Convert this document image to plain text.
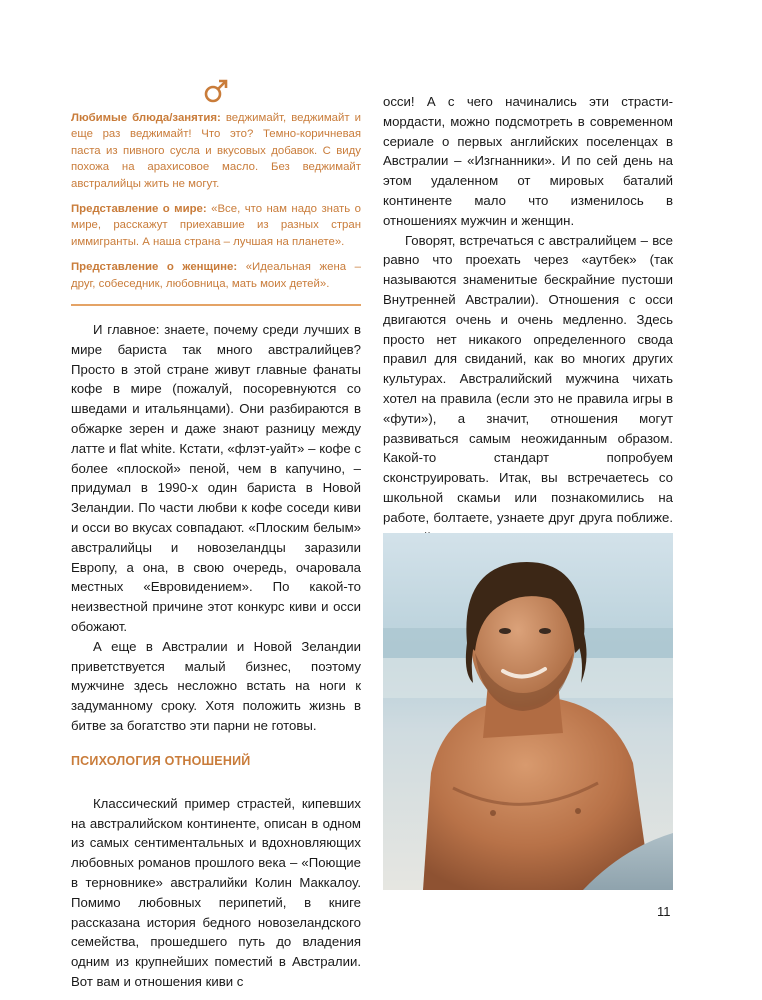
Любимые блюда/занятия: веджимайт, веджимайт и еще раз веджимайт! Что это? Темно-коричневая паста из пивного сусла и вкусовых добавок. С виду похожа на арахисовое масло. Без веджимайт австралийцы жить не могут.

Представление о мире: «Все, что нам надо знать о мире, расскажут приехавшие из разных стран иммигранты. А наша страна – лучшая на планете».

Представление о женщине: «Идеальная жена – друг, собеседник, любовница, мать моих детей».

И главное: знаете, почему среди лучших в мире бариста так много австралийцев? Просто в этой стране живут главные фанаты кофе в мире (пожалуй, посоревнуются со шведами и итальянцами). Они разбираются в обжарке зерен и даже знают разницу между латте и flat white. Кстати, «флэт-уайт» – кофе с более «плоской» пеной, чем в капучино, – придумал в 1990-х один бариста в Новой Зеландии. По части любви к кофе соседи киви и осси во вкусах совпадают. «Плоским белым» австралийцы и новозеландцы заразили Европу, а она, в свою очередь, очаровала местных «Евровидением». По какой-то неизвестной причине этот конкурс киви и осси обожают.

А еще в Австралии и Новой Зеландии приветствуется малый бизнес, поэтому мужчине здесь несложно встать на ноги к задуманному сроку. Хотя положить жизнь в битве за богатство эти парни не готовы.

ПСИХОЛОГИЯ ОТНОШЕНИЙ

Классический пример страстей, кипевших на австралийском континенте, описан в одном из самых сентиментальных и вдохновляющих любовных романов прошлого века – «Поющие в терновнике» австралийки Колин Маккалоу. Помимо любовных перипетий, в книге рассказана история бедного новозеландского семейства, прошедшего путь до владения одним из крупнейших поместий в Австралии. Вот вам и отношения киви с

осси! А с чего начинались эти страсти-мордасти, можно подсмотреть в современном сериале о первых английских поселенцах в Австралии – «Изгнанники». И по сей день на этом удаленном от мировых баталий континенте мало что изменилось в отношениях мужчин и женщин.

Говорят, встречаться с австралийцем – все равно что проехать через «аутбек» (так называются знаменитые бескрайние пустоши Внутренней Австралии). Отношения с осси двигаются очень и очень медленно. Здесь просто нет никакого определенного свода правил для свиданий, как во многих других культурах. Австралийский мужчина чихать хотел на правила (если это не правила игры в «фути»), а значит, отношения могут развиваться самым неожиданным образом. Какой-то стандарт попробуем сконструировать. Итак, вы встречаетесь со школьной скамьи или познакомились на работе, болтаете, узнаете друг друга поближе.

11
